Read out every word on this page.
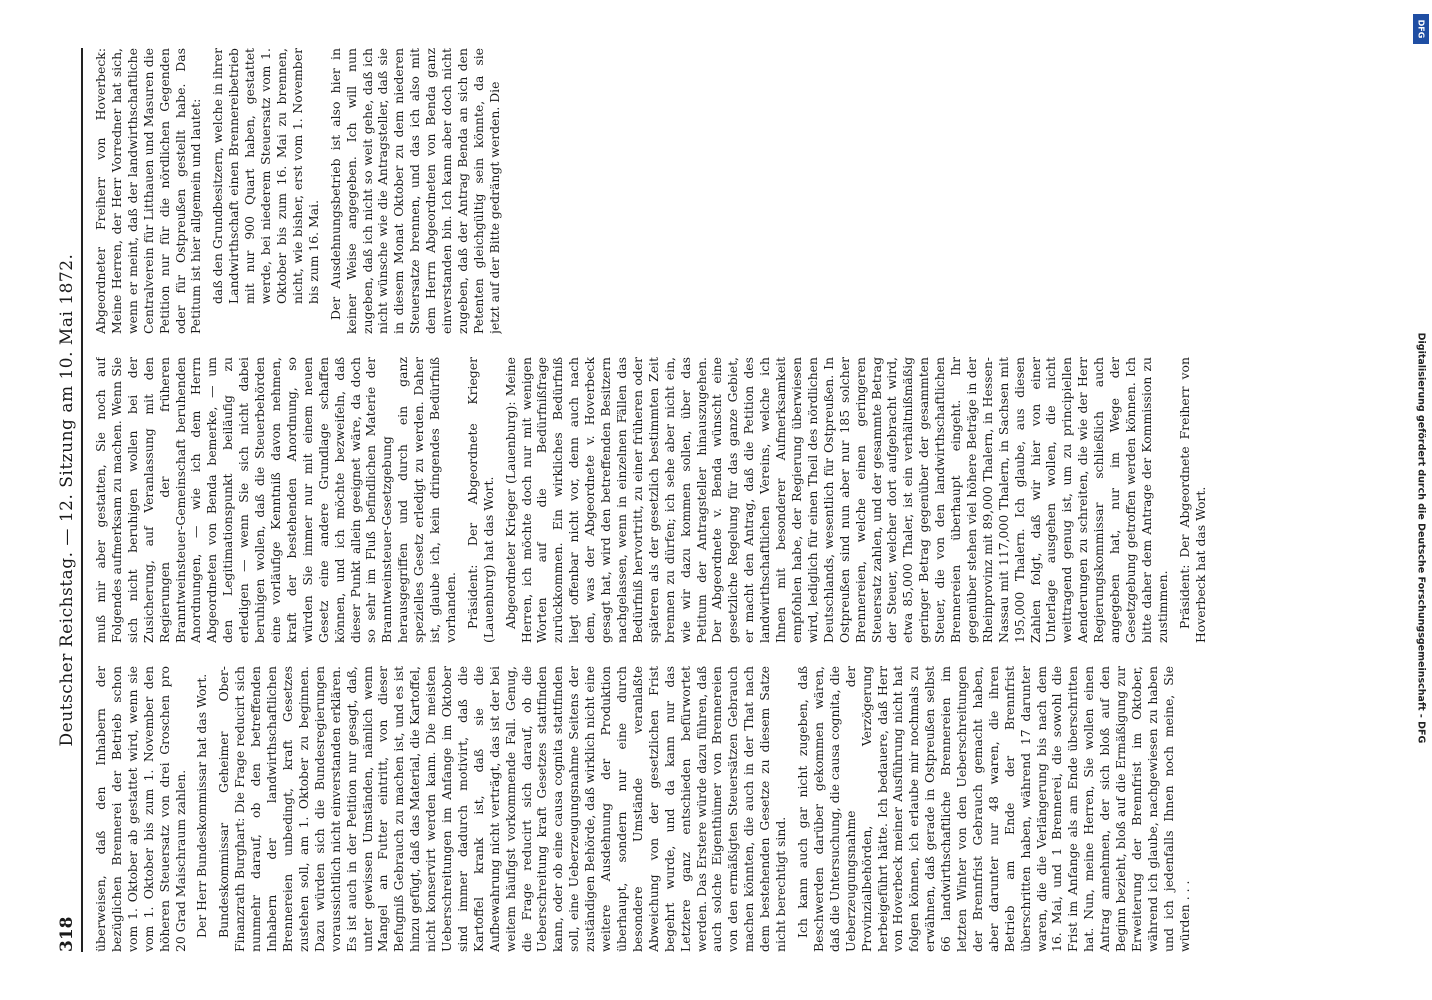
318
Deutscher Reichstag. — 12. Sitzung am 10. Mai 1872.

überweisen, daß den Inhabern der bezüglichen Brennerei der Betrieb schon vom 1. Oktober ab gestattet wird, wenn sie vom 1. Oktober bis zum 1. November den höheren Steuersatz von drei Groschen pro 20 Grad Maischraum zahlen. Der Herr Bundeskommissar hat das Wort. Bundeskommissar Geheimer Ober-Finanzrath Burghart: Die Frage reducirt sich nunmehr darauf, ob den betreffenden Inhabern der landwirthschaftlichen Brennereien unbedingt, kraft Gesetzes zustehen soll, am 1. Oktober zu beginnen. Dazu würden sich die Bundesregierungen voraussichtlich nicht einverstanden erklären. Es ist auch in der Petition nur gesagt, daß, unter gewissen Umständen, nämlich wenn Mangel an Futter eintritt, von dieser Befugniß Gebrauch zu machen ist, und es ist hinzu gefügt, daß das Material, die Kartoffel, nicht konservirt werden kann. Die meisten Ueberschreitungen im Anfange im Oktober sind immer dadurch motivirt, daß die Kartoffel krank ist, daß sie die Aufbewahrung nicht verträgt, das ist der bei weitem häufigst vorkommende Fall. Genug, die Frage reducirt sich darauf, ob die Ueberschreitung kraft Gesetzes stattfinden kann, oder ob eine causa cognita stattfinden soll, eine Ueberzeugungsnahme Seitens der zuständigen Behörde, daß wirklich nicht eine weitere Ausdehnung der Produktion überhaupt, sondern nur eine durch besondere Umstände veranlaßte Abweichung von der gesetzlichen Frist begehrt wurde, und da kann nur das Letztere ganz entschieden befürwortet werden. Das Erstere würde dazu führen, daß auch solche Eigenthümer von Brennereien von den ermäßigten Steuersätzen Gebrauch machen könnten, die auch in der That nach dem bestehenden Gesetze zu diesem Satze nicht berechtigt sind. Ich kann auch gar nicht zugeben, daß Beschwerden darüber gekommen wären, daß die Untersuchung, die causa cognita, die Ueberzeugungsnahme der Provinzialbehörden, Verzögerung herbeigeführt hätte. Ich bedauere, daß Herr von Hoverbeck meiner Ausführung nicht hat folgen können, ich erlaube mir nochmals zu erwähnen, daß gerade in Ostpreußen selbst 66 landwirthschaftliche Brennereien im letzten Winter von den Ueberschreitungen der Brennfrist Gebrauch gemacht haben, aber darunter nur 48 waren, die ihren Betrieb am Ende der Brennfrist überschritten haben, während 17 darunter waren, die die Verlängerung bis nach dem 16. Mai, und 1 Brennerei, die sowohl die Frist im Anfange als am Ende überschritten hat. Nun, meine Herren, Sie wollen einen Antrag annehmen, der sich bloß auf den Beginn bezieht, bloß auf die Ermäßigung zur Erweiterung der Brennfrist im Oktober, während ich glaube, nachgewiesen zu haben und ich jedenfalls Ihnen noch meine, Sie würden . . .

muß mir aber gestatten, Sie noch auf Folgendes aufmerksam zu machen. Wenn Sie sich nicht beruhigen wollen bei der Zusicherung, auf Veranlassung mit den Regierungen der früheren Branntweinsteuer-Gemeinschaft beruhenden Anordnungen, — wie ich dem Herrn Abgeordneten von Benda bemerke, — um den Legitimationspunkt beiläufig zu erledigen — wenn Sie sich nicht dabei beruhigen wollen, daß die Steuerbehörden eine vorläufige Kenntniß davon nehmen, kraft der bestehenden Anordnung, so würden Sie immer nur mit einem neuen Gesetz eine andere Grundlage schaffen können, und ich möchte bezweifeln, daß dieser Punkt allein geeignet wäre, da doch so sehr im Fluß befindlichen Materie der Branntweinsteuer-Gesetzgebung herausgegriffen und durch ein ganz spezielles Gesetz erledigt zu werden. Daher ist, glaube ich, kein dringendes Bedürfniß vorhanden. Präsident: Der Abgeordnete Krieger (Lauenburg) hat das Wort. Abgeordneter Krieger (Lauenburg): Meine Herren, ich möchte doch nur mit wenigen Worten auf die Bedürfnißfrage zurückkommen. Ein wirkliches Bedürfniß liegt offenbar nicht vor, denn auch nach dem, was der Abgeordnete v. Hoverbeck gesagt hat, wird den betreffenden Besitzern nachgelassen, wenn in einzelnen Fällen das Bedürfniß hervortritt, zu einer früheren oder späteren als der gesetzlich bestimmten Zeit brennen zu dürfen; ich sehe aber nicht ein, wie wir dazu kommen sollen, über das Petitum der Antragsteller hinauszugehen. Der Abgeordnete v. Benda wünscht eine gesetzliche Regelung für das ganze Gebiet, er macht den Antrag, daß die Petition des landwirthschaftlichen Vereins, welche ich Ihnen mit besonderer Aufmerksamkeit empfohlen habe, der Regierung überwiesen wird, lediglich für einen Theil des nördlichen Deutschlands, wesentlich für Ostpreußen. In Ostpreußen sind nun aber nur 185 solcher Brennereien, welche einen geringeren Steuersatz zahlen, und der gesammte Betrag der Steuer, welcher dort aufgebracht wird, etwa 85,000 Thaler, ist ein verhältnißmäßig geringer Betrag gegenüber der gesammten Steuer, die von den landwirthschaftlichen Brennereien überhaupt eingeht. Ihr gegenüber stehen viel höhere Beträge in der Rheinprovinz mit 89,000 Thalern, in Hessen-Nassau mit 117,000 Thalern, in Sachsen mit 195,000 Thalern. Ich glaube, aus diesen Zahlen folgt, daß wir hier von einer Unterlage ausgehen wollen, die nicht weittragend genug ist, um zu principiellen Aenderungen zu schreiten, die wie der Herr Regierungskommissar schließlich auch angegeben hat, nur im Wege der Gesetzgebung getroffen werden können. Ich bitte daher dem Antrage der Kommission zu zustimmen. Präsident: Der Abgeordnete Freiherr von Hoverbeck hat das Wort.

Abgeordneter Freiherr von Hoverbeck: Meine Herren, der Herr Vorredner hat sich, wenn er meint, daß der landwirthschaftliche Centralverein für Litthauen und Masuren die Petition nur für die nördlichen Gegenden oder für Ostpreußen gestellt habe. Das Petitum ist hier allgemein und lautet: daß den Grundbesitzern, welche in ihrer Landwirthschaft einen Brennereibetrieb mit nur 900 Quart haben, gestattet werde, bei niederem Steuersatz vom 1. Oktober bis zum 16. Mai zu brennen, nicht, wie bisher, erst vom 1. November bis zum 16. Mai. Der Ausdehnungsbetrieb ist also hier in keiner Weise angegeben. Ich will nun zugeben, daß ich nicht so weit gehe, daß ich nicht wünsche wie die Antragsteller, daß sie in diesem Monat Oktober zu dem niederen Steuersatze brennen, und das ich also mit dem Herrn Abgeordneten von Benda ganz einverstanden bin. Ich kann aber doch nicht zugeben, daß der Antrag Benda an sich den Petenten gleichgültig sein könnte, da sie jetzt auf der Bitte gedrängt werden. Die

DFG
Digitalisierung gefördert durch die Deutsche Forschungsgemeinschaft - DFG
